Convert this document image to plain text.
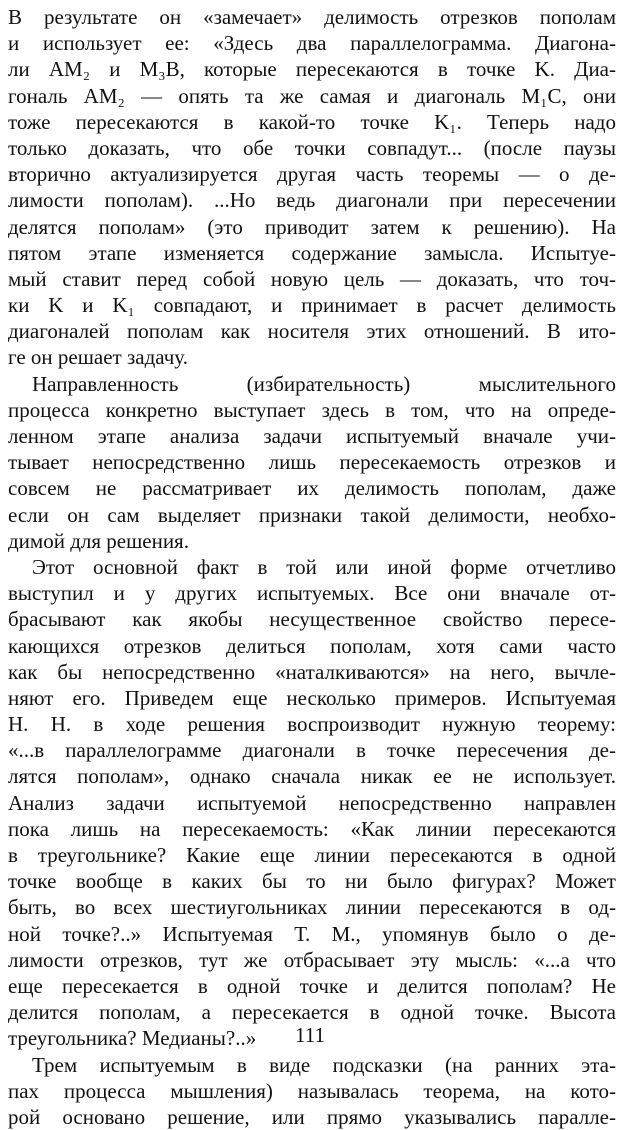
В результате он «замечает» делимость отрезков пополам
и использует ее: «Здесь два параллелограмма. Диагона-
ли AM₂ и M₃B, которые пересекаются в точке K. Диа-
гональ AM₂ — опять та же самая и диагональ M₁C, они
тоже пересекаются в какой-то точке K₁. Теперь надо
только доказать, что обе точки совпадут... (после паузы
вторично актуализируется другая часть теоремы — о де-
лимости пополам). ...Но ведь диагонали при пересечении
делятся пополам» (это приводит затем к решению). На
пятом этапе изменяется содержание замысла. Испытуе-
мый ставит перед собой новую цель — доказать, что точ-
ки K и K₁ совпадают, и принимает в расчет делимость
диагоналей пополам как носителя этих отношений. В ито-
ге он решает задачу.
Направленность (избирательность) мыслительного
процесса конкретно выступает здесь в том, что на опреде-
ленном этапе анализа задачи испытуемый вначале учи-
тывает непосредственно лишь пересекаемость отрезков и
совсем не рассматривает их делимость пополам, даже
если он сам выделяет признаки такой делимости, необхо-
димой для решения.
Этот основной факт в той или иной форме отчетливо
выступил и у других испытуемых. Все они вначале от-
брасывают как якобы несущественное свойство пересе-
кающихся отрезков делиться пополам, хотя сами часто
как бы непосредственно «наталкиваются» на него, вычле-
няют его. Приведем еще несколько примеров. Испытуемая
Н. Н. в ходе решения воспроизводит нужную теорему:
«...в параллелограмме диагонали в точке пересечения де-
лятся пополам», однако сначала никак ее не использует.
Анализ задачи испытуемой непосредственно направлен
пока лишь на пересекаемость: «Как линии пересекаются
в треугольнике? Какие еще линии пересекаются в одной
точке вообще в каких бы то ни было фигурах? Может
быть, во всех шестиугольниках линии пересекаются в од-
ной точке?..» Испытуемая Т. М., упомянув было о де-
лимости отрезков, тут же отбрасывает эту мысль: «...а что
еще пересекается в одной точке и делится пополам? Не
делится пополам, а пересекается в одной точке. Высота
треугольника? Медианы?..»
Трем испытуемым в виде подсказки (на ранних эта-
пах процесса мышления) называлась теорема, на кото-
рой основано решение, или прямо указывались паралле-
111
